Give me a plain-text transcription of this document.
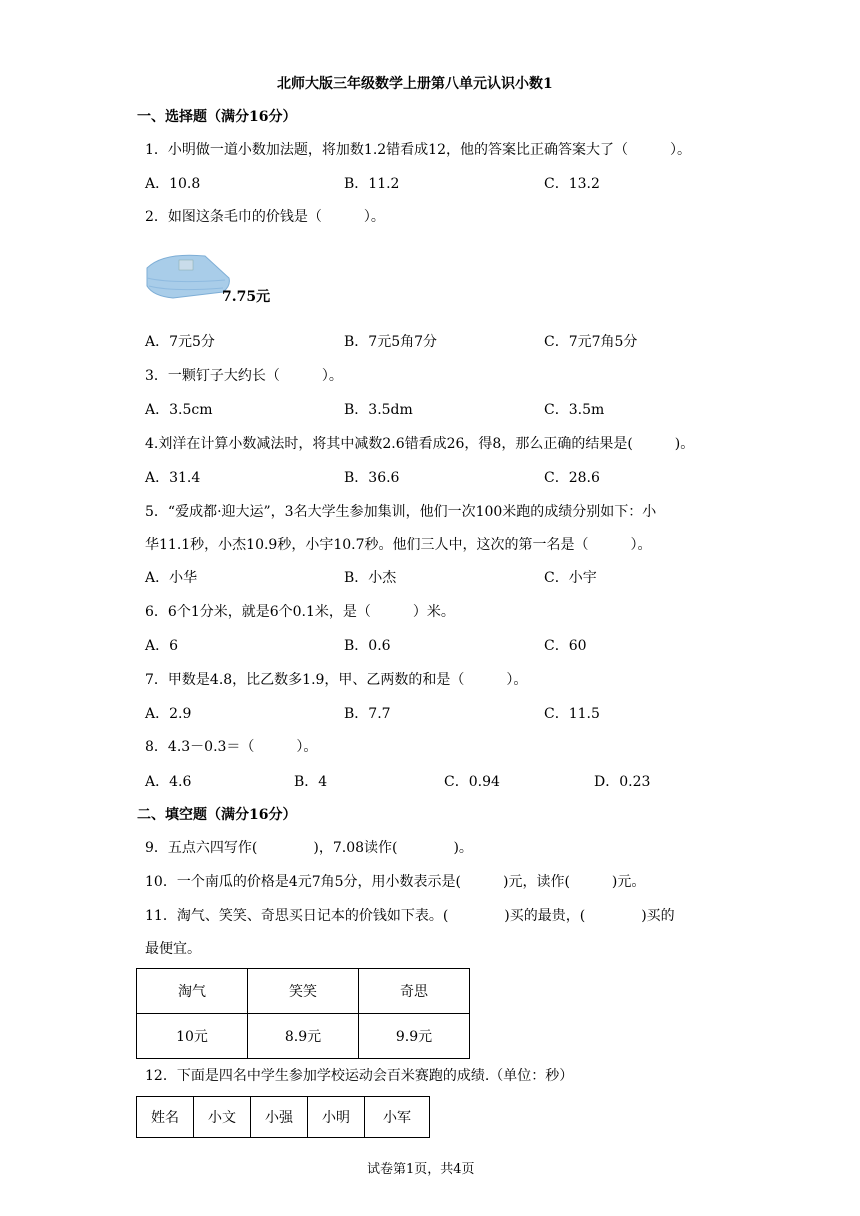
北师大版三年级数学上册第八单元认识小数1
一、选择题（满分16分）
1．小明做一道小数加法题，将加数1.2错看成12，他的答案比正确答案大了（　　　）。
A．10.8	B．11.2	C．13.2
2．如图这条毛巾的价钱是（　　　）。
7.75元
A．7元5分	B．7元5角7分	C．7元7角5分
3．一颗钉子大约长（　　　）。
A．3.5cm	B．3.5dm	C．3.5m
4.刘洋在计算小数减法时，将其中减数2.6错看成26，得8，那么正确的结果是(　　　)。
A．31.4	B．36.6	C．28.6
5．“爱成都·迎大运”，3名大学生参加集训，他们一次100米跑的成绩分别如下：小
华11.1秒，小杰10.9秒，小宇10.7秒。他们三人中，这次的第一名是（　　　）。
A．小华	B．小杰	C．小宇
6．6个1分米，就是6个0.1米，是（　　　）米。
A．6	B．0.6	C．60
7．甲数是4.8，比乙数多1.9，甲、乙两数的和是（　　　）。
A．2.9	B．7.7	C．11.5
8．4.3－0.3＝（　　　）。
A．4.6	B．4	C．0.94	D．0.23
二、填空题（满分16分）
9．五点六四写作(　　　　)，7.08读作(　　　　)。
10．一个南瓜的价格是4元7角5分，用小数表示是(　　　)元，读作(　　　)元。
11．淘气、笑笑、奇思买日记本的价钱如下表。(　　　　)买的最贵，(　　　　)买的
最便宜。
淘气	笑笑	奇思
10元	8.9元	9.9元
12．下面是四名中学生参加学校运动会百米赛跑的成绩.（单位：秒）
姓名	小文	小强	小明	小军
试卷第1页，共4页
